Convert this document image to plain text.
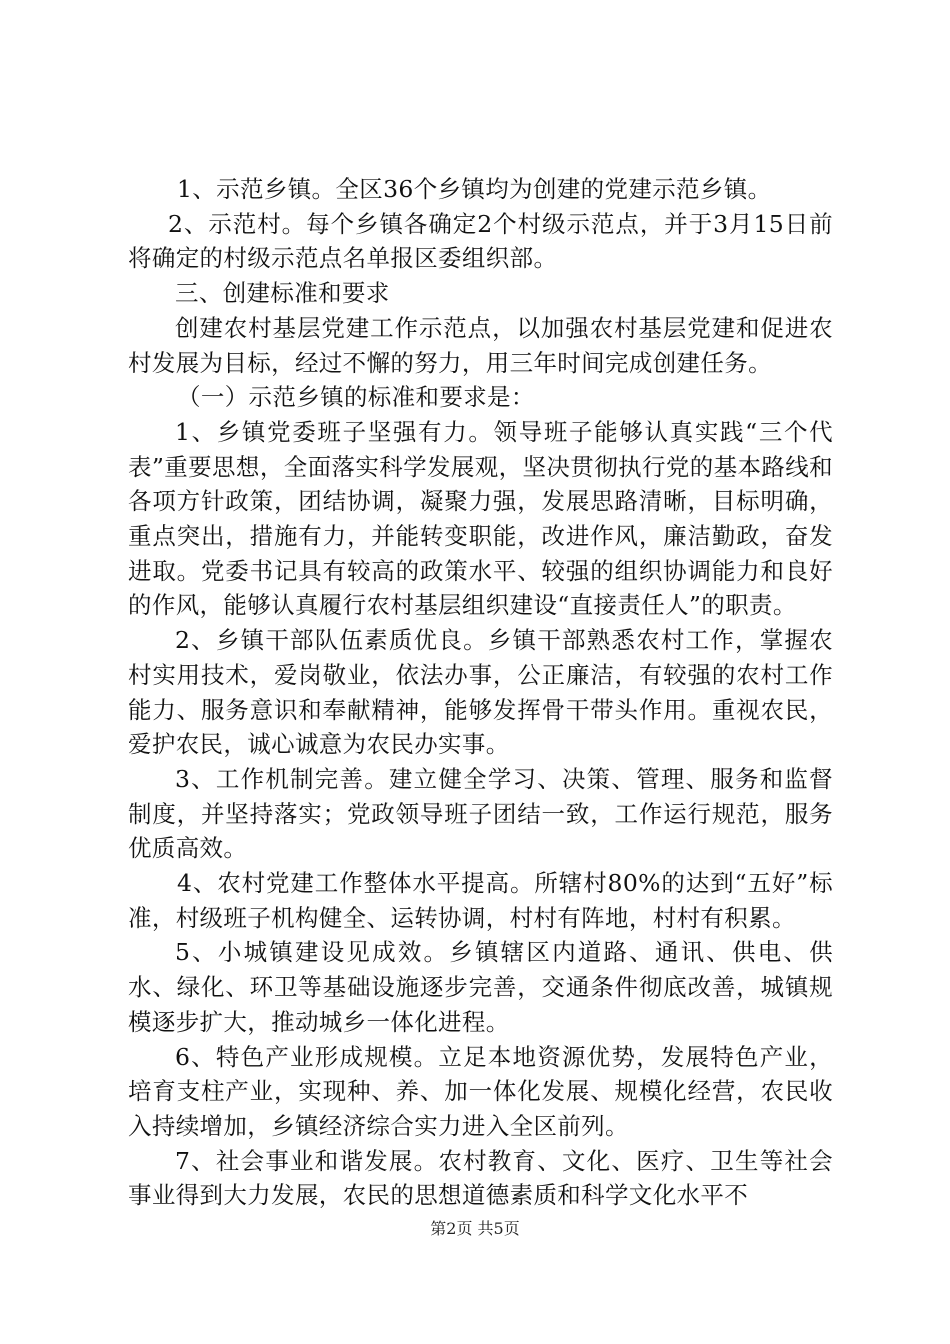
1、示范乡镇。全区36个乡镇均为创建的党建示范乡镇。

2、示范村。每个乡镇各确定2个村级示范点，并于3月15日前将确定的村级示范点名单报区委组织部。

三、创建标准和要求

创建农村基层党建工作示范点，以加强农村基层党建和促进农村发展为目标，经过不懈的努力，用三年时间完成创建任务。

（一）示范乡镇的标准和要求是：

1、乡镇党委班子坚强有力。领导班子能够认真实践“三个代表”重要思想，全面落实科学发展观，坚决贯彻执行党的基本路线和各项方针政策，团结协调，凝聚力强，发展思路清晰，目标明确，重点突出，措施有力，并能转变职能，改进作风，廉洁勤政，奋发进取。党委书记具有较高的政策水平、较强的组织协调能力和良好的作风，能够认真履行农村基层组织建设“直接责任人”的职责。

2、乡镇干部队伍素质优良。乡镇干部熟悉农村工作，掌握农村实用技术，爱岗敬业，依法办事，公正廉洁，有较强的农村工作能力、服务意识和奉献精神，能够发挥骨干带头作用。重视农民，爱护农民，诚心诚意为农民办实事。

3、工作机制完善。建立健全学习、决策、管理、服务和监督制度，并坚持落实；党政领导班子团结一致，工作运行规范，服务优质高效。

4、农村党建工作整体水平提高。所辖村80%的达到“五好”标准，村级班子机构健全、运转协调，村村有阵地，村村有积累。

5、小城镇建设见成效。乡镇辖区内道路、通讯、供电、供水、绿化、环卫等基础设施逐步完善，交通条件彻底改善，城镇规模逐步扩大，推动城乡一体化进程。

6、特色产业形成规模。立足本地资源优势，发展特色产业，培育支柱产业，实现种、养、加一体化发展、规模化经营，农民收入持续增加，乡镇经济综合实力进入全区前列。

7、社会事业和谐发展。农村教育、文化、医疗、卫生等社会事业得到大力发展，农民的思想道德素质和科学文化水平不

第2页 共5页
